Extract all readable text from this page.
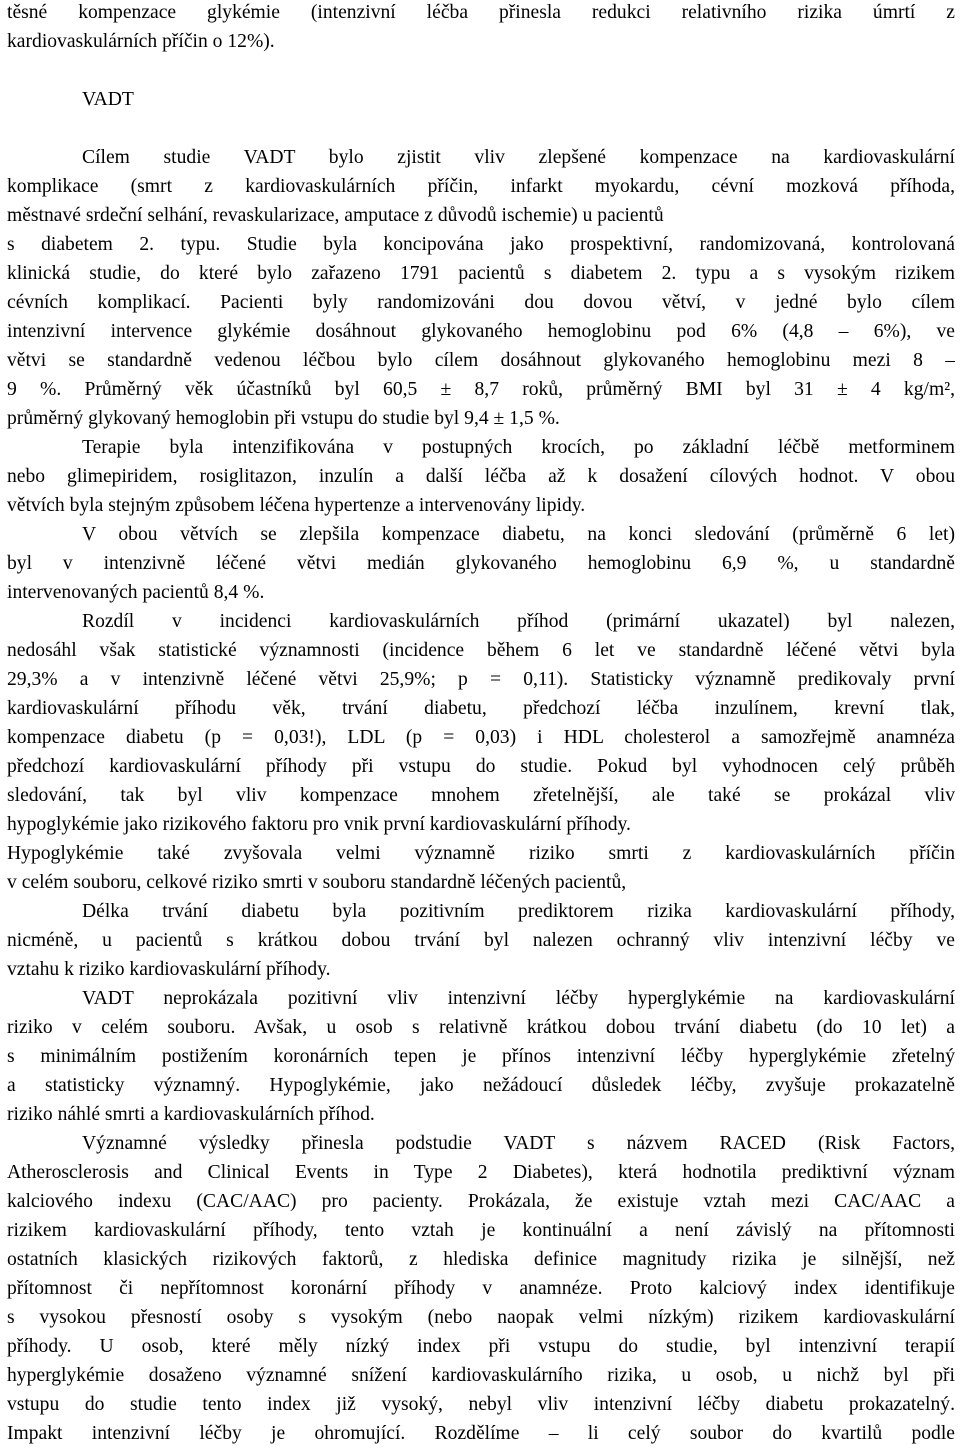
těsné kompenzace glykémie (intenzivní léčba přinesla redukci relativního rizika úmrtí z
kardiovaskulárních příčin o 12%).
VADT
Cílem studie VADT bylo zjistit vliv zlepšené kompenzace na kardiovaskulární
komplikace (smrt z kardiovaskulárních příčin, infarkt myokardu, cévní mozková příhoda,
městnavé srdeční selhání, revaskularizace, amputace z důvodů ischemie) u pacientů
s diabetem 2. typu. Studie byla koncipována jako prospektivní, randomizovaná, kontrolovaná
klinická studie, do které bylo zařazeno 1791 pacientů s diabetem 2. typu a s vysokým rizikem
cévních komplikací. Pacienti byly randomizováni dou dovou větví, v jedné bylo cílem
intenzivní intervence glykémie dosáhnout glykovaného hemoglobinu pod 6% (4,8 – 6%), ve
větvi se standardně vedenou léčbou bylo cílem dosáhnout glykovaného hemoglobinu mezi 8 –
9 %. Průměrný věk účastníků byl 60,5 ± 8,7 roků, průměrný BMI byl 31 ± 4 kg/m²,
průměrný glykovaný hemoglobin při vstupu do studie byl 9,4 ± 1,5 %.
Terapie byla intenzifikována v postupných krocích, po základní léčbě metforminem
nebo glimepiridem, rosiglitazon, inzulín a další léčba až k dosažení cílových hodnot. V obou
větvích byla stejným způsobem léčena hypertenze a intervenovány lipidy.
V obou větvích se zlepšila kompenzace diabetu, na konci sledování (průměrně 6 let)
byl v intenzivně léčené větvi medián glykovaného hemoglobinu 6,9 %, u standardně
intervenovaných pacientů 8,4 %.
Rozdíl v incidenci kardiovaskulárních příhod (primární ukazatel) byl nalezen,
nedosáhl však statistické významnosti (incidence během 6 let ve standardně léčené větvi byla
29,3% a v intenzivně léčené větvi 25,9%; p = 0,11). Statisticky významně predikovaly první
kardiovaskulární příhodu věk, trvání diabetu, předchozí léčba inzulínem, krevní tlak,
kompenzace diabetu (p = 0,03!), LDL (p = 0,03) i HDL cholesterol a samozřejmě anamnéza
předchozí kardiovaskulární příhody při vstupu do studie. Pokud byl vyhodnocen celý průběh
sledování, tak byl vliv kompenzace mnohem zřetelnější, ale také se prokázal vliv
hypoglykémie jako rizikového faktoru pro vnik první kardiovaskulární příhody.
Hypoglykémie také zvyšovala velmi významně riziko smrti z kardiovaskulárních příčin
v celém souboru, celkové riziko smrti v souboru standardně léčených pacientů,
Délka trvání diabetu byla pozitivním prediktorem rizika kardiovaskulární příhody,
nicméně, u pacientů s krátkou dobou trvání byl nalezen ochranný vliv intenzivní léčby ve
vztahu k riziko kardiovaskulární příhody.
VADT neprokázala pozitivní vliv intenzivní léčby hyperglykémie na kardiovaskulární
riziko v celém souboru. Avšak, u osob s relativně krátkou dobou trvání diabetu (do 10 let) a
s minimálním postižením koronárních tepen je přínos intenzivní léčby hyperglykémie zřetelný
a statisticky významný. Hypoglykémie, jako nežádoucí důsledek léčby, zvyšuje prokazatelně
riziko náhlé smrti a kardiovaskulárních příhod.
Významné výsledky přinesla podstudie VADT s názvem RACED (Risk Factors,
Atherosclerosis and Clinical Events in Type 2 Diabetes), která hodnotila prediktivní význam
kalciového indexu (CAC/AAC) pro pacienty. Prokázala, že existuje vztah mezi CAC/AAC a
rizikem kardiovaskulární příhody, tento vztah je kontinuální a není závislý na přítomnosti
ostatních klasických rizikových faktorů, z hlediska definice magnitudy rizika je silnější, než
přítomnost či nepřítomnost koronární příhody v anamnéze. Proto kalciový index identifikuje
s vysokou přesností osoby s vysokým (nebo naopak velmi nízkým) rizikem kardiovaskulární
příhody. U osob, které měly nízký index při vstupu do studie, byl intenzivní terapií
hyperglykémie dosaženo významné snížení kardiovaskulárního rizika, u osob, u nichž byl při
vstupu do studie tento index již vysoký, nebyl vliv intenzivní léčby diabetu prokazatelný.
Impakt intenzivní léčby je ohromující. Rozdělíme – li celý soubor do kvartilů podle
